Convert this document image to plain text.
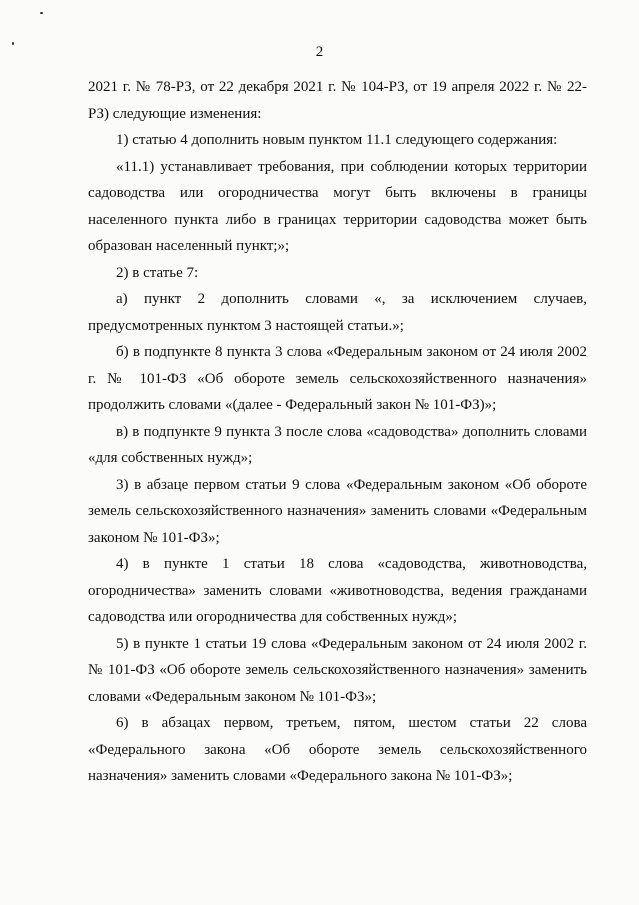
2

2021 г. № 78-РЗ, от 22 декабря 2021 г. № 104-РЗ, от 19 апреля 2022 г. № 22-РЗ) следующие изменения:

1) статью 4 дополнить новым пунктом 11.1 следующего содержания:

«11.1) устанавливает требования, при соблюдении которых территории садоводства или огородничества могут быть включены в границы населенного пункта либо в границах территории садоводства может быть образован населенный пункт;»;

2) в статье 7:

а) пункт 2 дополнить словами «, за исключением случаев, предусмотренных пунктом 3 настоящей статьи.»;

б) в подпункте 8 пункта 3 слова «Федеральным законом от 24 июля 2002 г. № 101-ФЗ «Об обороте земель сельскохозяйственного назначения» продолжить словами «(далее - Федеральный закон № 101-ФЗ)»;

в) в подпункте 9 пункта 3 после слова «садоводства» дополнить словами «для собственных нужд»;

3) в абзаце первом статьи 9 слова «Федеральным законом «Об обороте земель сельскохозяйственного назначения» заменить словами «Федеральным законом № 101-ФЗ»;

4) в пункте 1 статьи 18 слова «садоводства, животноводства, огородничества» заменить словами «животноводства, ведения гражданами садоводства или огородничества для собственных нужд»;

5) в пункте 1 статьи 19 слова «Федеральным законом от 24 июля 2002 г. № 101-ФЗ «Об обороте земель сельскохозяйственного назначения» заменить словами «Федеральным законом № 101-ФЗ»;

6) в абзацах первом, третьем, пятом, шестом статьи 22 слова «Федерального закона «Об обороте земель сельскохозяйственного назначения» заменить словами «Федерального закона № 101-ФЗ»;
